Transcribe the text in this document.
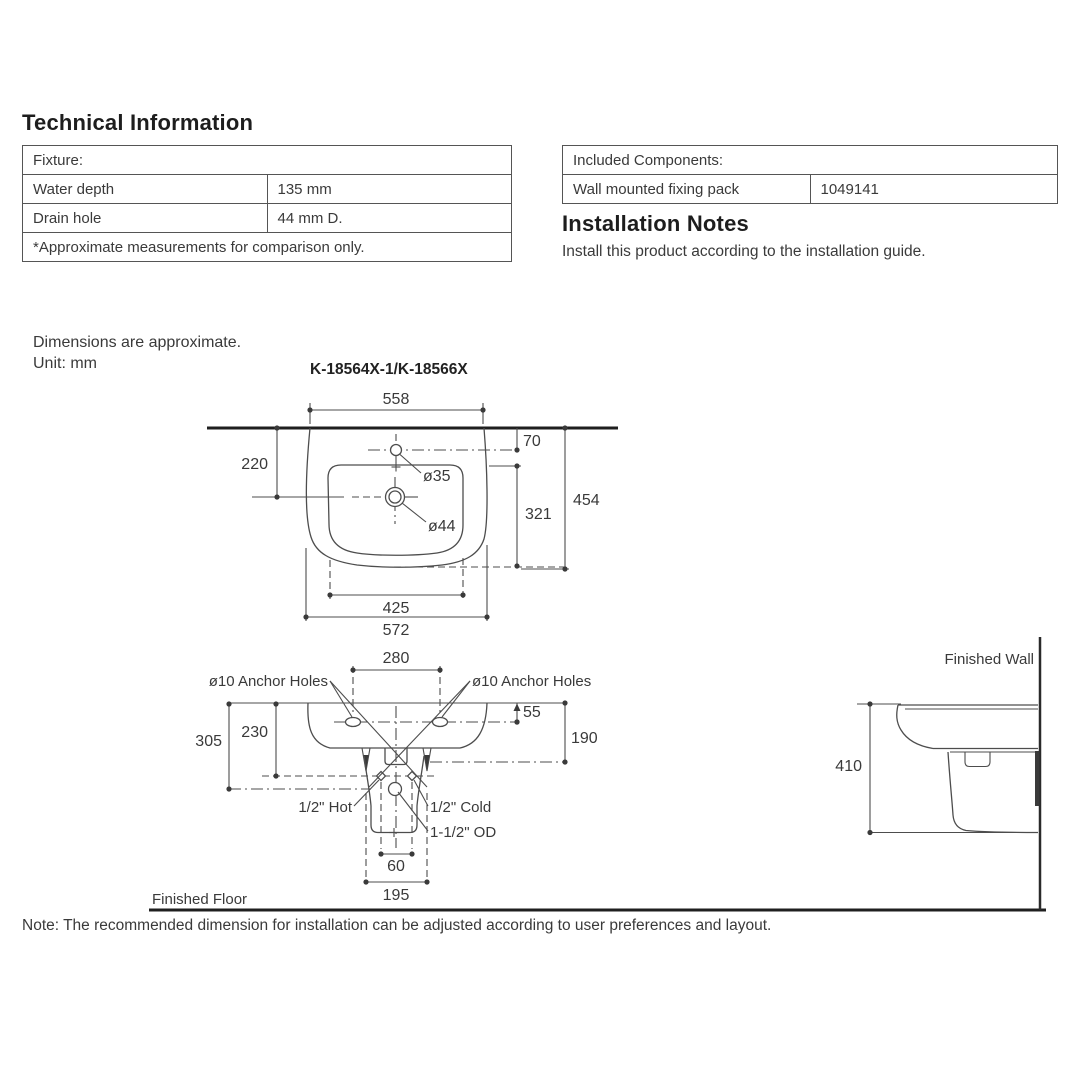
Technical Information
Fixture:	
Water depth	135 mm
Drain hole	44 mm D.
*Approximate measurements for comparison only.	
Included Components:
Wall mounted fixing pack	1049141
Installation Notes
Install this product according to the installation guide.
Dimensions are approximate.
Unit: mm	K-18564X-1/K-18566X
ø35
ø44
558
220
70
321
454
425
572
280
ø10 Anchor Holes	ø10 Anchor Holes
55
190
305
230
1/2" Hot	1/2" Cold
1-1/2" OD
60
195
Finished Floor
Finished Wall
410
Note: The recommended dimension for installation can be adjusted according to user preferences and layout.
